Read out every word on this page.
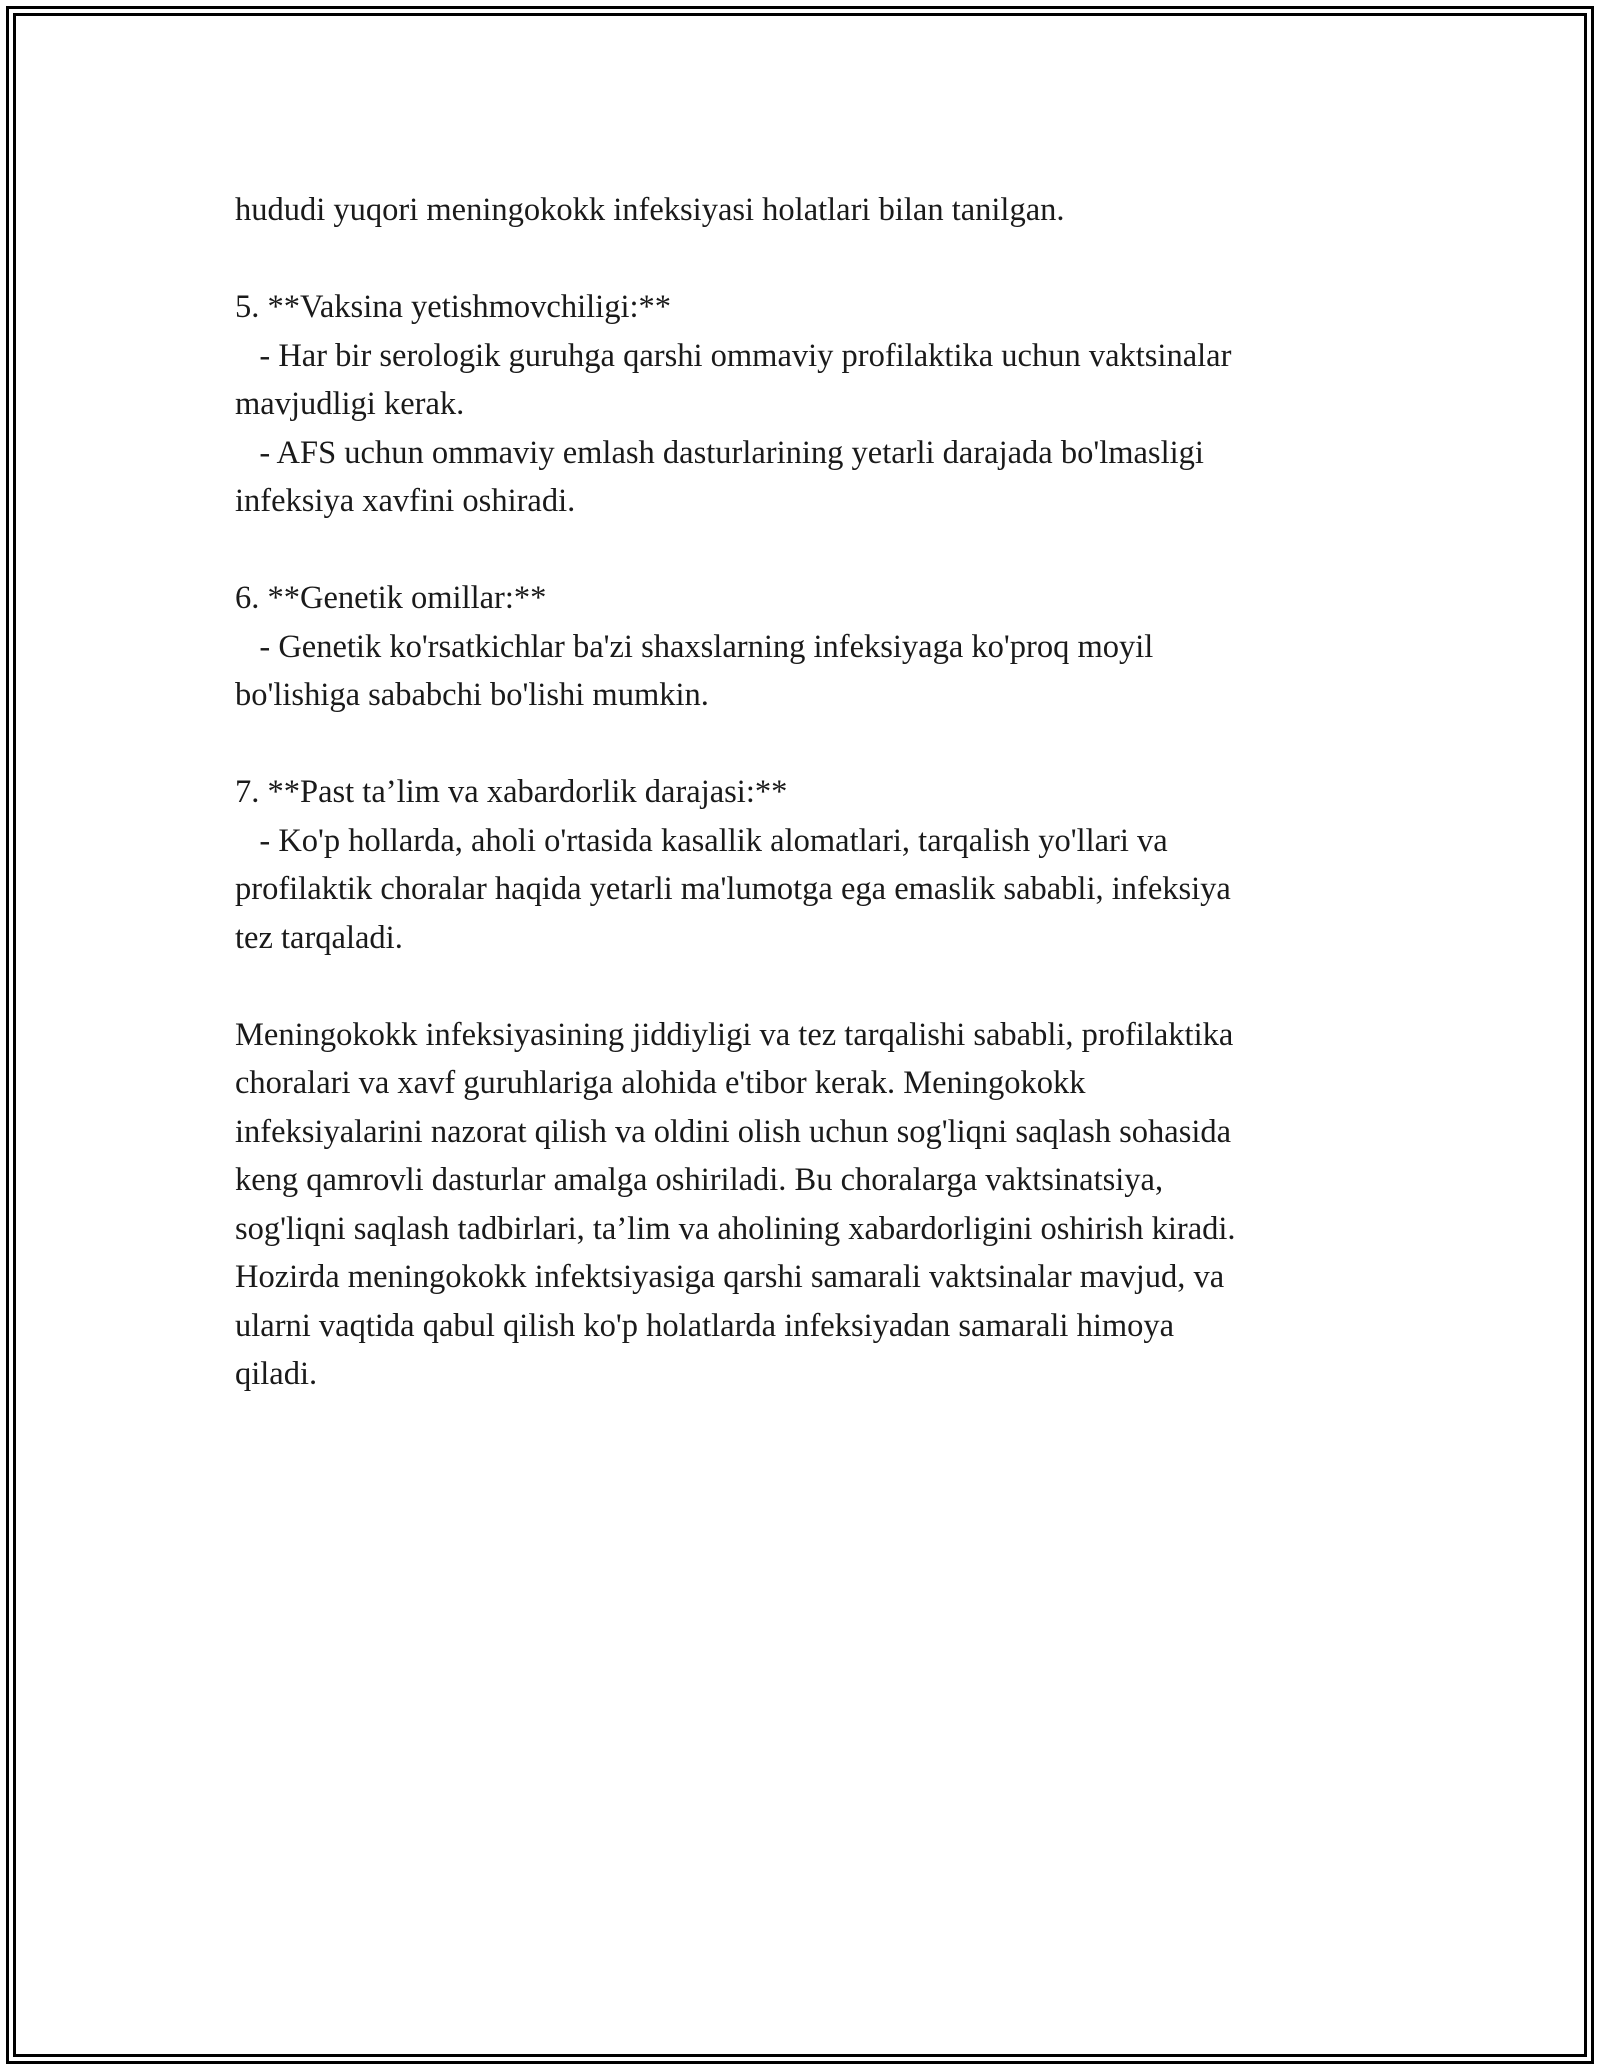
hududi yuqori meningokokk infeksiyasi holatlari bilan tanilgan.
5. **Vaksina yetishmovchiligi:**
- Har bir serologik guruhga qarshi ommaviy profilaktika uchun vaktsinalar
mavjudligi kerak.
- AFS uchun ommaviy emlash dasturlarining yetarli darajada bo'lmasligi
infeksiya xavfini oshiradi.
6. **Genetik omillar:**
- Genetik ko'rsatkichlar ba'zi shaxslarning infeksiyaga ko'proq moyil
bo'lishiga sababchi bo'lishi mumkin.
7. **Past ta’lim va xabardorlik darajasi:**
- Ko'p hollarda, aholi o'rtasida kasallik alomatlari, tarqalish yo'llari va
profilaktik choralar haqida yetarli ma'lumotga ega emaslik sababli, infeksiya
tez tarqaladi.
Meningokokk infeksiyasining jiddiyligi va tez tarqalishi sababli, profilaktika
choralari va xavf guruhlariga alohida e'tibor kerak. Meningokokk
infeksiyalarini nazorat qilish va oldini olish uchun sog'liqni saqlash sohasida
keng qamrovli dasturlar amalga oshiriladi. Bu choralarga vaktsinatsiya,
sog'liqni saqlash tadbirlari, ta’lim va aholining xabardorligini oshirish kiradi.
Hozirda meningokokk infektsiyasiga qarshi samarali vaktsinalar mavjud, va
ularni vaqtida qabul qilish ko'p holatlarda infeksiyadan samarali himoya
qiladi.
